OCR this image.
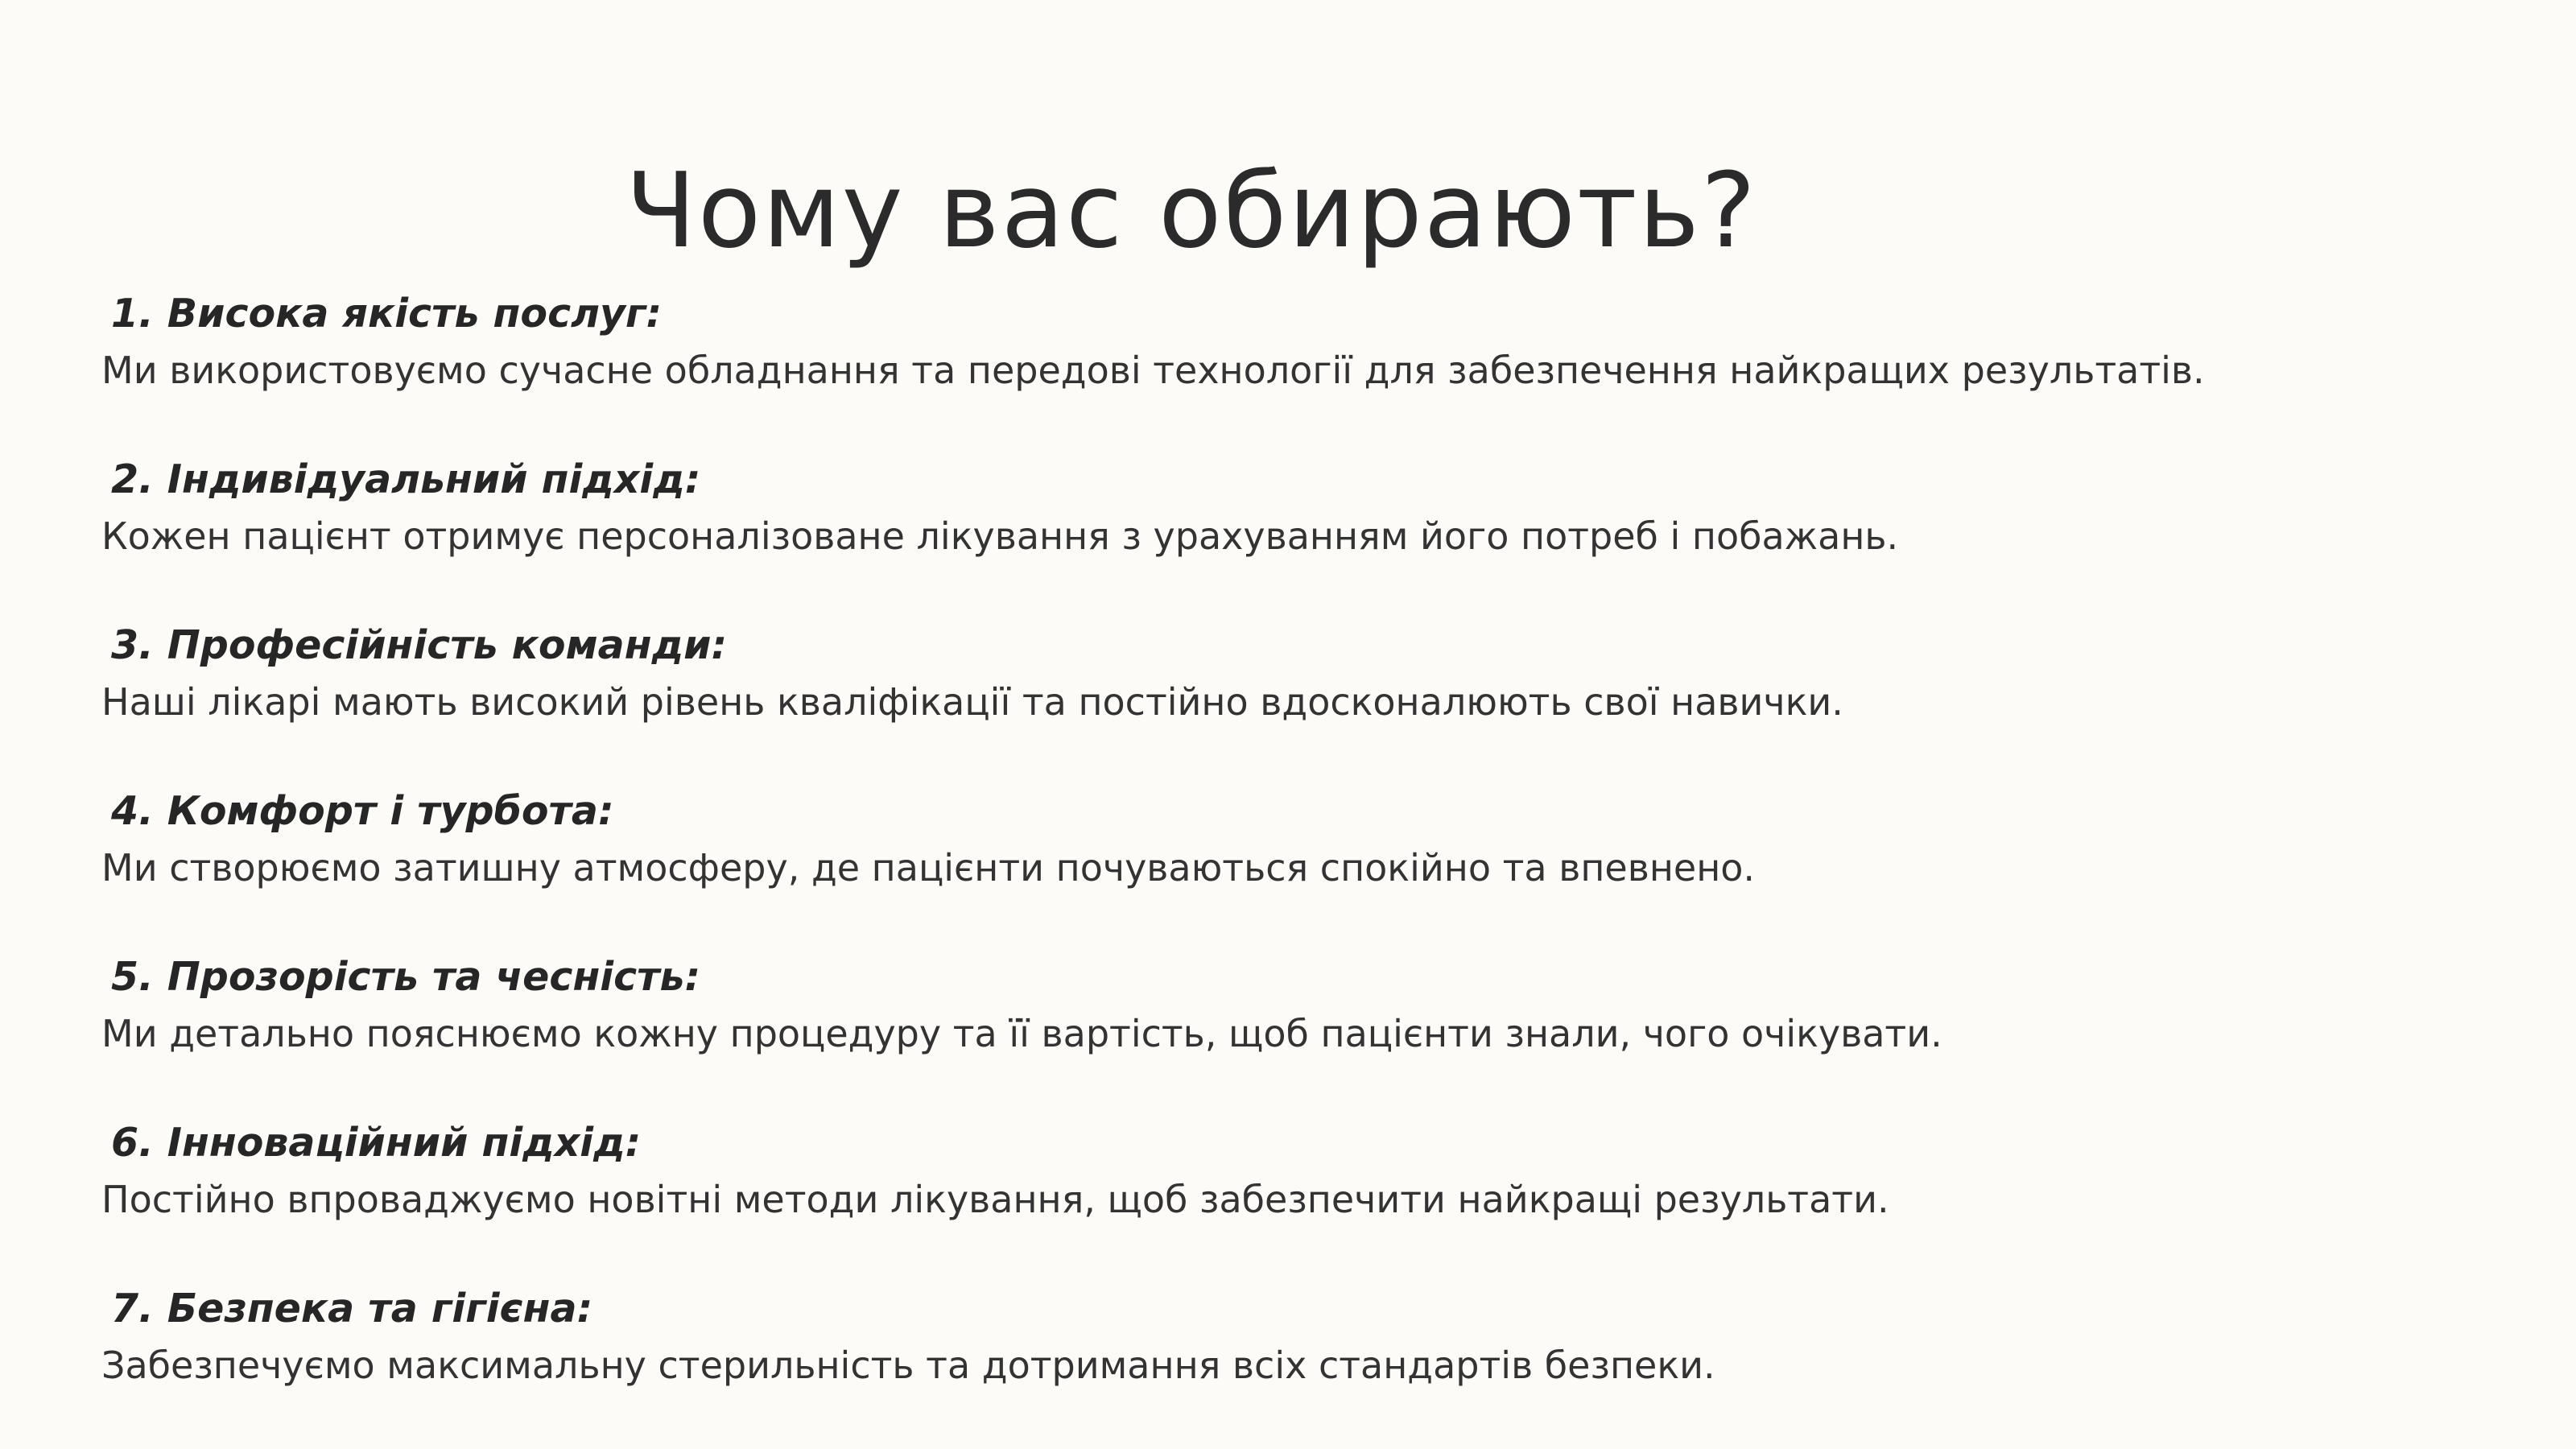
Чому вас обирають?
1. Висока якість послуг:
Ми використовуємо сучасне обладнання та передові технології для забезпечення найкращих результатів.
2. Індивідуальний підхід:
Кожен пацієнт отримує персоналізоване лікування з урахуванням його потреб і побажань.
3. Професійність команди:
Наші лікарі мають високий рівень кваліфікації та постійно вдосконалюють свої навички.
4. Комфорт і турбота:
Ми створюємо затишну атмосферу, де пацієнти почуваються спокійно та впевнено.
5. Прозорість та чесність:
Ми детально пояснюємо кожну процедуру та її вартість, щоб пацієнти знали, чого очікувати.
6. Інноваційний підхід:
Постійно впроваджуємо новітні методи лікування, щоб забезпечити найкращі результати.
7. Безпека та гігієна:
Забезпечуємо максимальну стерильність та дотримання всіх стандартів безпеки.
